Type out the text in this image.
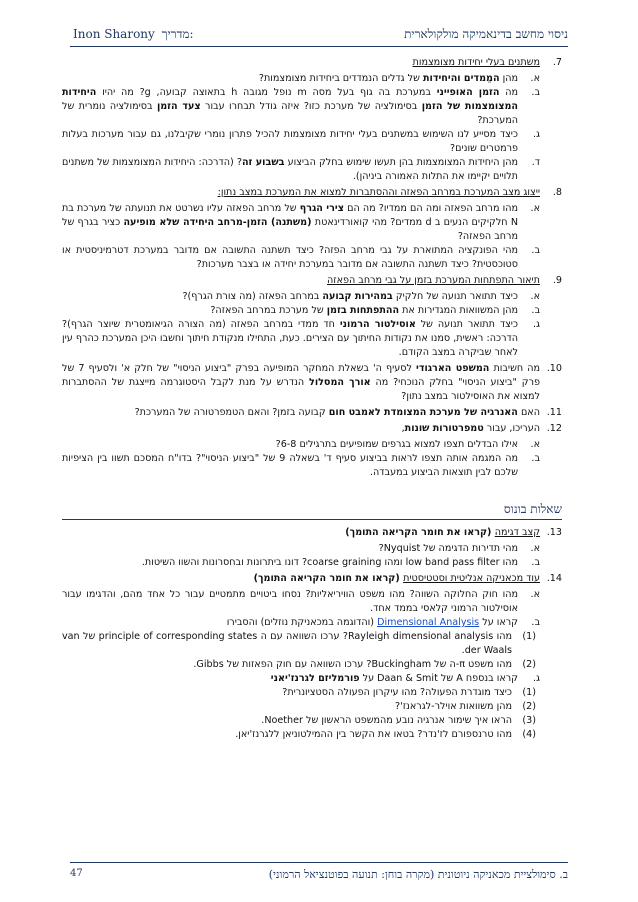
ניסוי מחשב בדינאמיקה מולקולארית
Inon Sharony מדריך:
7.
משתנים בעלי יחידות מצומצמות
א.
מהן המֵמדים והיחידות של גדלים הנמדדים ביחידות מצומצמות?
ב.
מה הזמן האופייני במערכת בה גוף בעל מסה m נופל מגובה h בתאוצה קבועה, g? מה יהיו היחידות המצומצמות של הזמן בסימולציה של מערכת כזו? איזה גודל תבחרו עבור צעד הזמן בסימולציה נומרית של המערכת?
ג.
כיצד מסייע לנו השימוש במשתנים בעלי יחידות מצומצמות להכיל פתרון נומרי שקיבלנו, גם עבור מערכות בעלות פרמטרים שונים?
ד.
מהן היחידות המצומצמות בהן תעשו שימוש בחלק הביצוע בשבוע זה? (הדרכה: היחידות המצומצמות של משתנים תלויים יקיימו את התלות האמורה ביניהן).
8.
ייצוג מצב המערכת במרחב הפאזה וההסתברות למצוא את המערכת במצב נתון:
א.
מהו מרחב הפאזה ומה הם ממדיו? מה הם צירי הגרף של מרחב הפאזה עליו נשרטט את תנועתה של מערכת בת N חלקיקים הנעים ב d ממדים? מהי קואורדינאטת (משתנה) הזמן-מרחב היחידה שלא מופיעה כציר בגרף של מרחב הפאזה?
ב.
מהי הפונקציה המתוארת על גבי מרחב הפזה? כיצד תשתנה התשובה אם מדובר במערכת דטרמיניסטית או סטוכסטית? כיצד תשתנה התשובה אם מדובר במערכת יחידה או בצבר מערכות?
9.
תיאור התפתחות המערכת בזמן על גבי מרחב הפאזה
א.
כיצד תתואר תנועה של חלקיק במהירות קבועה במרחב הפאזה (מה צורת הגרף)?
ב.
מהן המשוואות המגדירות את ההתפתחות בזמן של מערכת במרחב הפאזה?
ג.
כיצד תתואר תנועה של אוסילטור הרמוני חד ממדי במרחב הפאזה (מה הצורה הגיאומטרית שיוצר הגרף)? הדרכה: ראשית, סמנו את נקודות החיתוך עם הצירים. כעת, התחילו מנקודת חיתוך וחשבו היכן המערכת כהרף עין לאחר שביקרה במצב הקודם.
10.
מה חשיבות המשפט הארגודי לסעיף ה' בשאלת המחקר המופיעה בפרק "ביצוע הניסוי" של חלק א' ולסעיף 7 של פרק "ביצוע הניסוי" בחלק הנוכחי? מה אורך המסלול הנדרש על מנת לקבל היסטוגרמה מייצגת של ההסתברות למצוא את האוסילטור במצב נתון?
11.
האם האנרגיה של מערכת המצומדת לאמבט חום קבועה בזמן? והאם הטמפרטורה של המערכת?
12.
העריכו, עבור טמפרטורות שונות,
א.
אילו הבדלים תצפו למצוא בגרפים שמופיעים בתרגילים 6-8?
ב.
מה המגמה אותה תצפו לראות בביצוע סעיף ד' בשאלה 9 של "ביצוע הניסוי"? בדו"ח המסכם תשוו בין הציפיות שלכם לבין תוצאות הביצוע במעבדה.
שאלות בונוס
13.
קצב דגימה (קראו את חומר הקריאה התומך)
א.
מהי תדירות הדגימה של Nyquist?
ב.
מהו low band pass filter ומהו coarse graining? דונו ביתרונות ובחסרונות והשוו השיטות.
14.
עוד מכאניקה אנליטית וסטטיסטית (קראו את חומר הקריאה התומך)
א.
מהו חוק החלוקה השווה? מהו משפט הוויריאליות? נסחו ביטויים מתמטיים עבור כל אחד מהם, והדגימו עבור אוסילטור הרמוני קלאסי בממד אחד.
ב.
קראו על Dimensional Analysis (והדוגמה במכאניקת נוזלים) והסבירו
(1)
מהו Rayleigh dimensional analysis? ערכו השוואה עם ה principle of corresponding states של van der Waals.
(2)
מהו משפט π-ה של Buckingham? ערכו השוואה עם חוק הפאזות של Gibbs.
ג.
קראו בנספח A של Daan & Smit על פורמליזם לגרנז'יאני
(1)
כיצד מוגדרת הפעולה? מהו עיקרון הפעולה הסטציונרית?
(2)
מהן משוואות אוילר-לגראנז'?
(3)
הראו איך שימור אנרגיה נובע מהמשפט הראשון של Noether.
(4)
מהו טרנספורם לז'נדר? בטאו את הקשר בין ההמילטוניאן ללגרנז'יאן.
ב. סימולציית מכאניקה ניוטונית (מקרה בוחן: תנועה בפוטנציאל הרמוני)
47
